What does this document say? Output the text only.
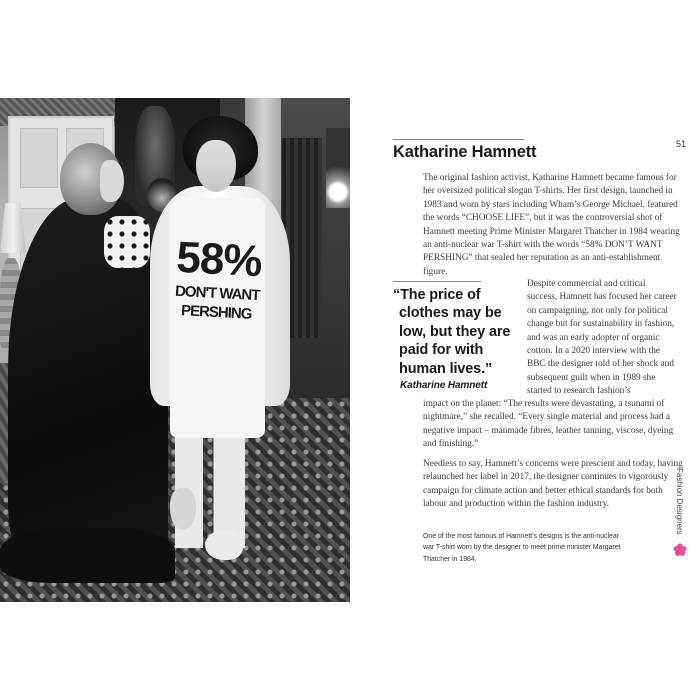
58%
DON'T WANT
PERSHING
Katharine Hamnett	51

The original fashion activist, Katharine Hamnett became famous for her oversized political slogan T-shirts. Her first design, launched in 1983 and worn by stars including Wham’s George Michael, featured the words “CHOOSE LIFE”, but it was the controversial shot of Hamnett meeting Prime Minister Margaret Thatcher in 1984 wearing an anti-nuclear war T-shirt with the words “58% DON’T WANT PERSHING” that sealed her reputation as an anti-establishment figure.

“The price of clothes may be low, but they are paid for with human lives.”
Katharine Hamnett

Despite commercial and critical success, Hamnett has focused her career on campaigning, not only for political change but for sustainability in fashion, and was an early adopter of organic cotton. In a 2020 interview with the BBC the designer told of her shock and subsequent guilt when in 1989 she started to research fashion’s

impact on the planet: “The results were devastating, a tsunami of nightmare,” she recalled. “Every single material and process had a negative impact – manmade fibres, leather tanning, viscose, dyeing and finishing.”

Needless to say, Hamnett’s concerns were prescient and today, having relaunched her label in 2017, the designer continues to vigorously campaign for climate action and better ethical standards for both labour and production within the fashion industry.

One of the most famous of Hamnett’s designs is the anti-nuclear war T-shirt worn by the designer to meet prime minister Margaret Thatcher in 1984.

Fashion Designers
